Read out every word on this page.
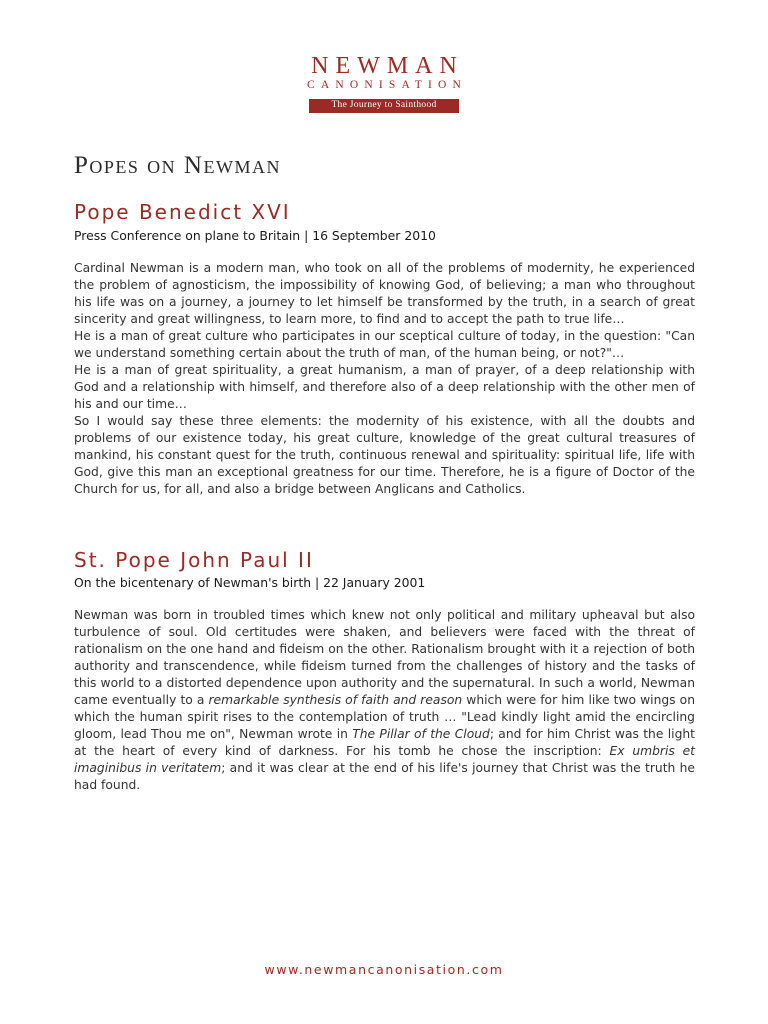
NEWMAN
CANONISATION
The Journey to Sainthood
Popes on Newman
Pope Benedict XVI
Press Conference on plane to Britain | 16 September 2010

Cardinal Newman is a modern man, who took on all of the problems of modernity, he experienced the problem of agnosticism, the impossibility of knowing God, of believing; a man who throughout his life was on a journey, a journey to let himself be transformed by the truth, in a search of great sincerity and great willingness, to learn more, to find and to accept the path to true life…

He is a man of great culture who participates in our sceptical culture of today, in the question: "Can we understand something certain about the truth of man, of the human being, or not?"…

He is a man of great spirituality, a great humanism, a man of prayer, of a deep relationship with God and a relationship with himself, and therefore also of a deep relationship with the other men of his and our time…

So I would say these three elements: the modernity of his existence, with all the doubts and problems of our existence today, his great culture, knowledge of the great cultural treasures of mankind, his constant quest for the truth, continuous renewal and spirituality: spiritual life, life with God, give this man an exceptional greatness for our time. Therefore, he is a figure of Doctor of the Church for us, for all, and also a bridge between Anglicans and Catholics.

St. Pope John Paul II
On the bicentenary of Newman's birth | 22 January 2001

Newman was born in troubled times which knew not only political and military upheaval but also turbulence of soul. Old certitudes were shaken, and believers were faced with the threat of rationalism on the one hand and fideism on the other. Rationalism brought with it a rejection of both authority and transcendence, while fideism turned from the challenges of history and the tasks of this world to a distorted dependence upon authority and the supernatural. In such a world, Newman came eventually to a remarkable synthesis of faith and reason which were for him like two wings on which the human spirit rises to the contemplation of truth … "Lead kindly light amid the encircling gloom, lead Thou me on", Newman wrote in The Pillar of the Cloud; and for him Christ was the light at the heart of every kind of darkness. For his tomb he chose the inscription: Ex umbris et imaginibus in veritatem; and it was clear at the end of his life's journey that Christ was the truth he had found.

www.newmancanonisation.com
